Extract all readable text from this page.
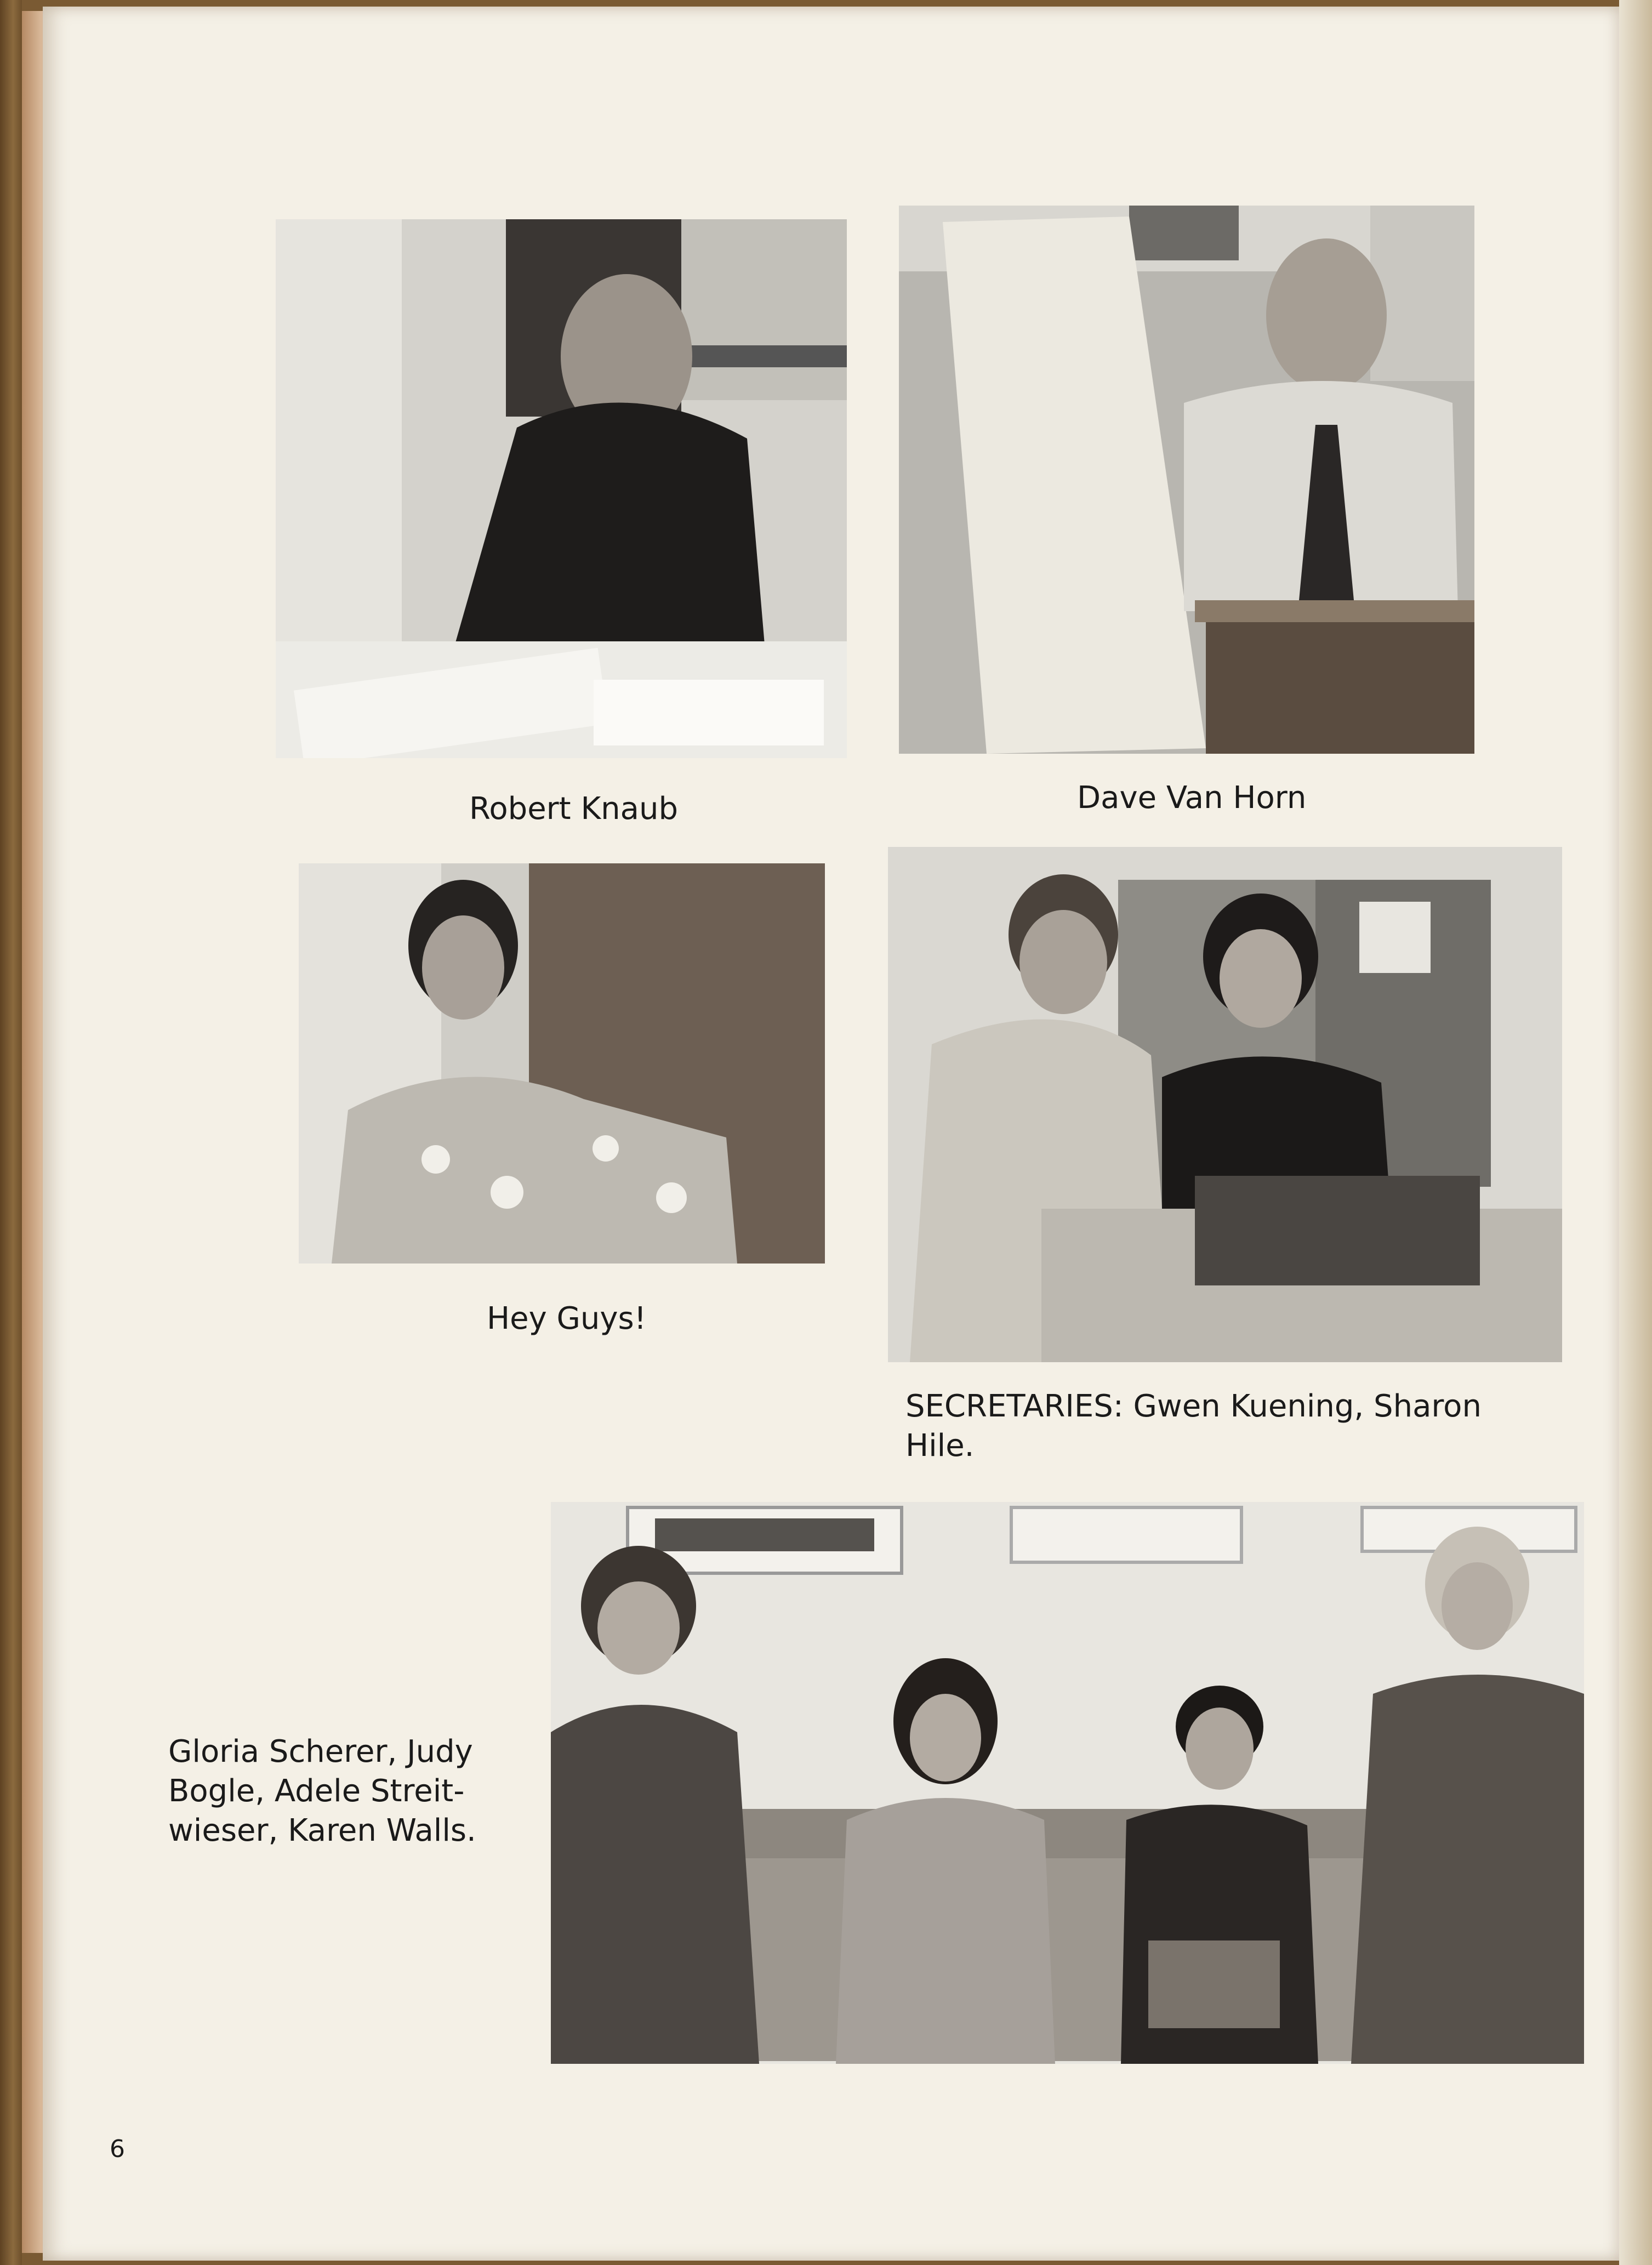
Robert Knaub	Dave Van Horn
Hey Guys!
SECRETARIES: Gwen Kuening, Sharon
Hile.
Gloria Scherer, Judy
Bogle, Adele Streit-
wieser, Karen Walls.
6
